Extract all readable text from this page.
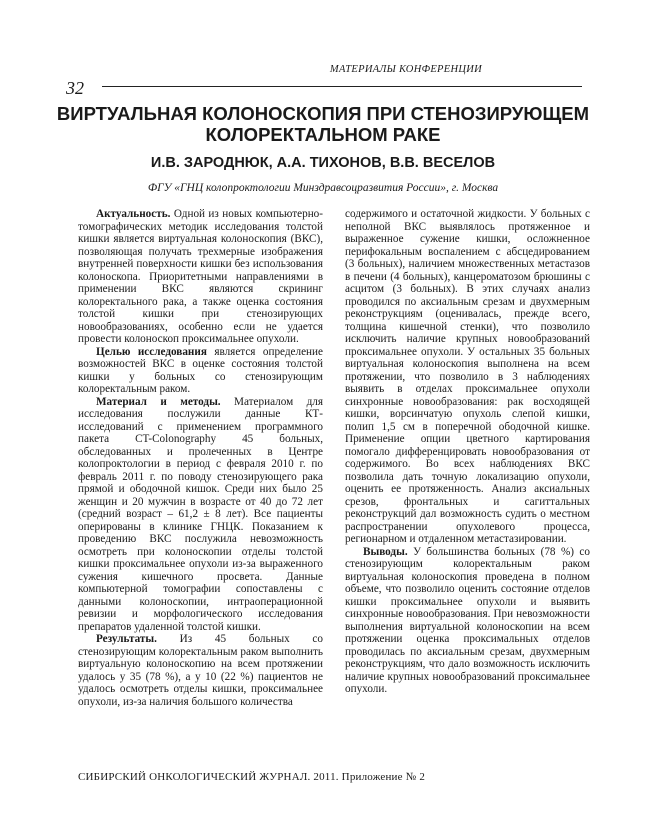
МАТЕРИАЛЫ КОНФЕРЕНЦИИ
32
ВИРТУАЛЬНАЯ КОЛОНОСКОПИЯ ПРИ СТЕНОЗИРУЮЩЕМ
КОЛОРЕКТАЛЬНОМ РАКЕ

И.В. ЗАРОДНЮК, А.А. ТИХОНОВ, В.В. ВЕСЕЛОВ

ФГУ «ГНЦ колопроктологии Минздравсоцразвития России», г. Москва

Актуальность. Одной из новых компьютерно-томографических методик исследования толстой кишки является виртуальная колоноскопия (ВКС), позволяющая получать трехмерные изображения внутренней поверхности кишки без использования колоноскопа. Приоритетными направлениями в применении ВКС являются скрининг колоректального рака, а также оценка состояния толстой кишки при стенозирующих новообразованиях, особенно если не удается провести колоноскоп проксимальнее опухоли.

Целью исследования является определение возможностей ВКС в оценке состояния толстой кишки у больных со стенозирующим колоректальным раком.

Материал и методы. Материалом для исследования послужили данные КТ-исследований с применением программного пакета CT-Colonography 45 больных, обследованных и пролеченных в Центре колопроктологии в период с февраля 2010 г. по февраль 2011 г. по поводу стенозирующего рака прямой и ободочной кишок. Среди них было 25 женщин и 20 мужчин в возрасте от 40 до 72 лет (средний возраст – 61,2 ± 8 лет). Все пациенты оперированы в клинике ГНЦК. Показанием к проведению ВКС послужила невозможность осмотреть при колоноскопии отделы толстой кишки проксимальнее опухоли из-за выраженного сужения кишечного просвета. Данные компьютерной томографии сопоставлены с данными колоноскопии, интраоперационной ревизии и морфологического исследования препаратов удаленной толстой кишки.

Результаты. Из 45 больных со стенозирующим колоректальным раком выполнить виртуальную колоноскопию на всем протяжении удалось у 35 (78 %), а у 10 (22 %) пациентов не удалось осмотреть отделы кишки, проксимальнее опухоли, из-за наличия большого количества

содержимого и остаточной жидкости. У больных с неполной ВКС выявлялось протяженное и выраженное сужение кишки, осложненное перифокальным воспалением с абсцедированием (3 больных), наличием множественных метастазов в печени (4 больных), канцероматозом брюшины с асцитом (3 больных). В этих случаях анализ проводился по аксиальным срезам и двухмерным реконструкциям (оценивалась, прежде всего, толщина кишечной стенки), что позволило исключить наличие крупных новообразований проксимальнее опухоли. У остальных 35 больных виртуальная колоноскопия выполнена на всем протяжении, что позволило в 3 наблюдениях выявить в отделах проксимальнее опухоли синхронные новообразования: рак восходящей кишки, ворсинчатую опухоль слепой кишки, полип 1,5 см в поперечной ободочной кишке. Применение опции цветного картирования помогало дифференцировать новообразования от содержимого. Во всех наблюдениях ВКС позволила дать точную локализацию опухоли, оценить ее протяженность. Анализ аксиальных срезов, фронтальных и сагиттальных реконструкций дал возможность судить о местном распространении опухолевого процесса, регионарном и отдаленном метастазировании.

Выводы. У большинства больных (78 %) со стенозирующим колоректальным раком виртуальная колоноскопия проведена в полном объеме, что позволило оценить состояние отделов кишки проксимальнее опухоли и выявить синхронные новообразования. При невозможности выполнения виртуальной колоноскопии на всем протяжении оценка проксимальных отделов проводилась по аксиальным срезам, двухмерным реконструкциям, что дало возможность исключить наличие крупных новообразований проксимальнее опухоли.

СИБИРСКИЙ ОНКОЛОГИЧЕСКИЙ ЖУРНАЛ. 2011. Приложение № 2
